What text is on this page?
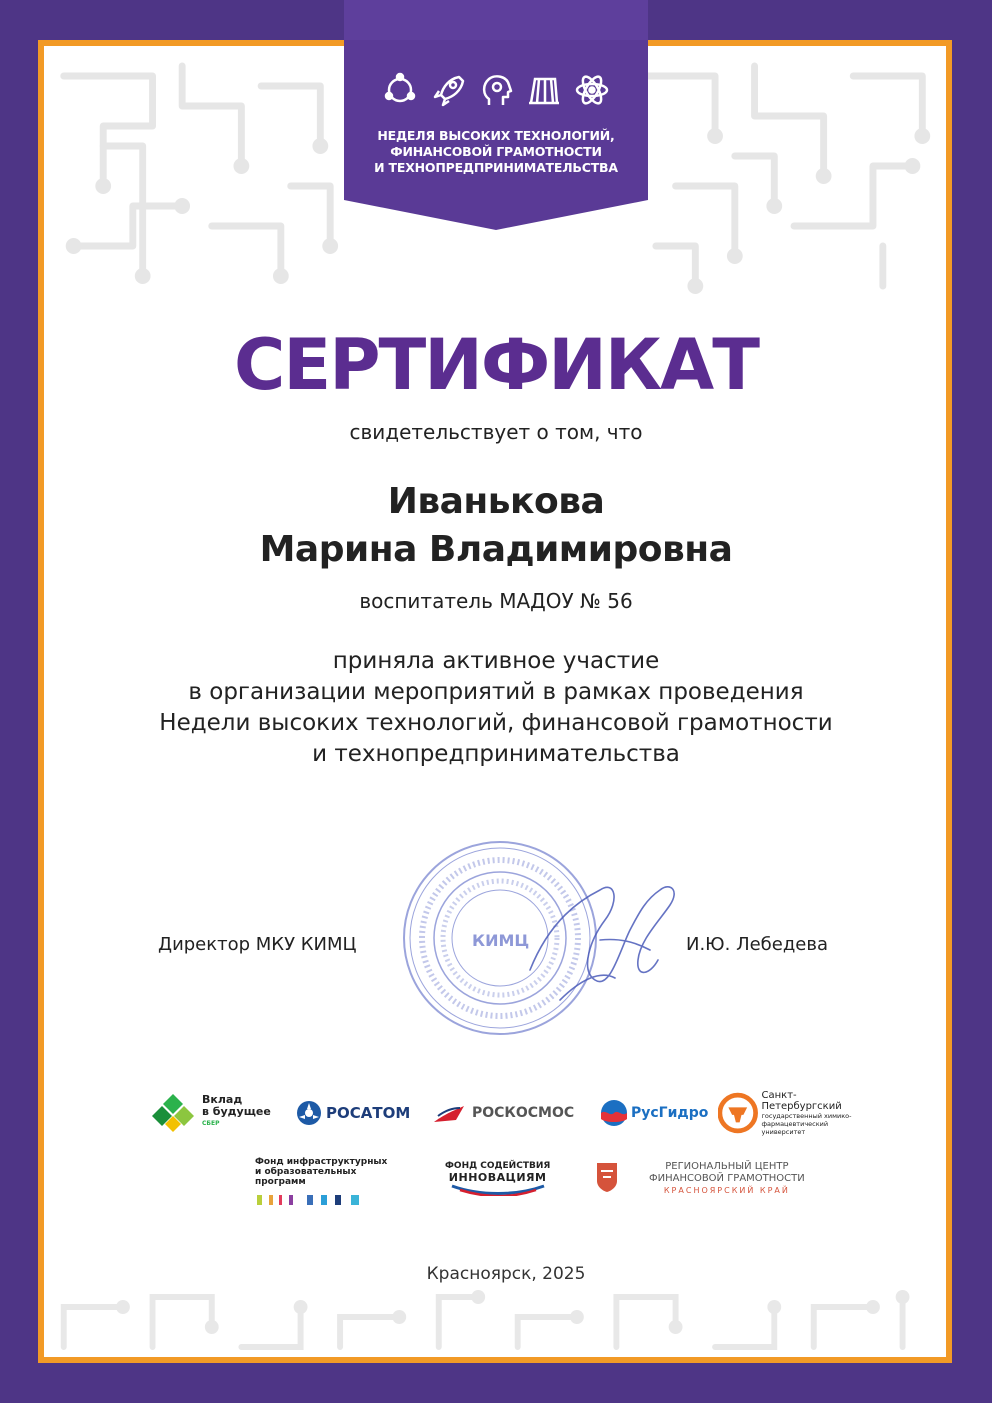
НЕДЕЛЯ ВЫСОКИХ ТЕХНОЛОГИЙ,
ФИНАНСОВОЙ ГРАМОТНОСТИ
И ТЕХНОПРЕДПРИНИМАТЕЛЬСТВА
СЕРТИФИКАТ
свидетельствует о том, что
Иванькова
Марина Владимировна
воспитатель МАДОУ № 56
приняла активное участие
в организации мероприятий в рамках проведения
Недели высоких технологий, финансовой грамотности
и технопредпринимательства
КИМЦ
Директор МКУ КИМЦ	И.Ю. Лебедева
Вклад
в будущее
СБЕР
РОСАТОМ	РОСКОСМОС	РусГидро
Санкт-Петербургский
государственный химико-
фармацевтический университет
Фонд инфраструктурных
и образовательных
программ
ФОНД СОДЕЙСТВИЯ
ИННОВАЦИЯМ
РЕГИОНАЛЬНЫЙ ЦЕНТР
ФИНАНСОВОЙ ГРАМОТНОСТИ
КРАСНОЯРСКИЙ КРАЙ
Красноярск, 2025
